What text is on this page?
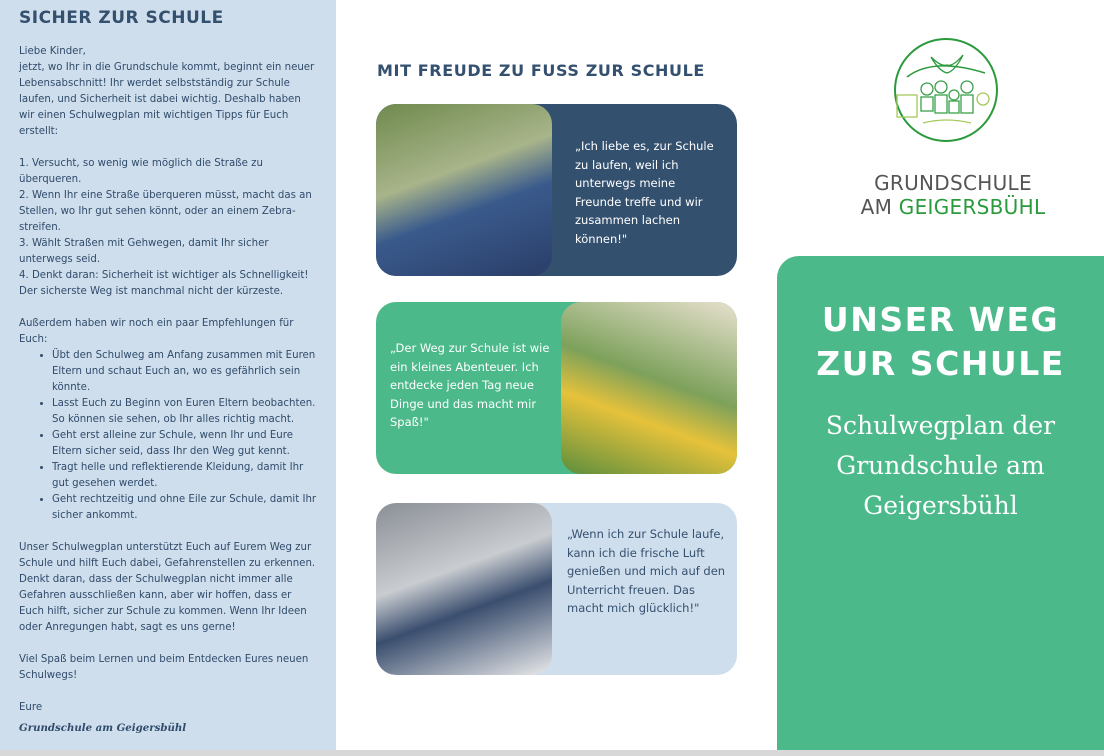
SICHER ZUR SCHULE

Liebe Kinder,

jetzt, wo Ihr in die Grundschule kommt, beginnt ein neuer Lebensabschnitt! Ihr werdet selbstständig zur Schule laufen, und Sicherheit ist dabei wichtig. Deshalb haben wir einen Schulwegplan mit wichtigen Tipps für Euch erstellt:

1. Versucht, so wenig wie möglich die Straße zu überqueren.

2. Wenn Ihr eine Straße überqueren müsst, macht das an Stellen, wo Ihr gut sehen könnt, oder an einem Zebra-streifen.

3. Wählt Straßen mit Gehwegen, damit Ihr sicher unterwegs seid.

4. Denkt daran: Sicherheit ist wichtiger als Schnelligkeit! Der sicherste Weg ist manchmal nicht der kürzeste.

Außerdem haben wir noch ein paar Empfehlungen für Euch:

• Übt den Schulweg am Anfang zusammen mit Euren Eltern und schaut Euch an, wo es gefährlich sein könnte.
• Lasst Euch zu Beginn von Euren Eltern beobachten. So können sie sehen, ob Ihr alles richtig macht.
• Geht erst alleine zur Schule, wenn Ihr und Eure Eltern sicher seid, dass Ihr den Weg gut kennt.
• Tragt helle und reflektierende Kleidung, damit Ihr gut gesehen werdet.
• Geht rechtzeitig und ohne Eile zur Schule, damit Ihr sicher ankommt.

Unser Schulwegplan unterstützt Euch auf Eurem Weg zur Schule und hilft Euch dabei, Gefahrenstellen zu erkennen. Denkt daran, dass der Schulwegplan nicht immer alle Gefahren ausschließen kann, aber wir hoffen, dass er Euch hilft, sicher zur Schule zu kommen. Wenn Ihr Ideen oder Anregungen habt, sagt es uns gerne!

Viel Spaß beim Lernen und beim Entdecken Eures neuen Schulwegs!

Eure

Grundschule am Geigersbühl

MIT FREUDE ZU FUSS ZUR SCHULE

„Ich liebe es, zur Schule zu laufen, weil ich unterwegs meine Freunde treffe und wir zusammen lachen können!"

„Der Weg zur Schule ist wie ein kleines Abenteuer. Ich entdecke jeden Tag neue Dinge und das macht mir Spaß!"

„Wenn ich zur Schule laufe, kann ich die frische Luft genießen und mich auf den Unterricht freuen. Das macht mich glücklich!"

GRUNDSCHULE
AM GEIGERSBÜHL
UNSER WEG
ZUR SCHULE
Schulwegplan der
Grundschule am
Geigersbühl
